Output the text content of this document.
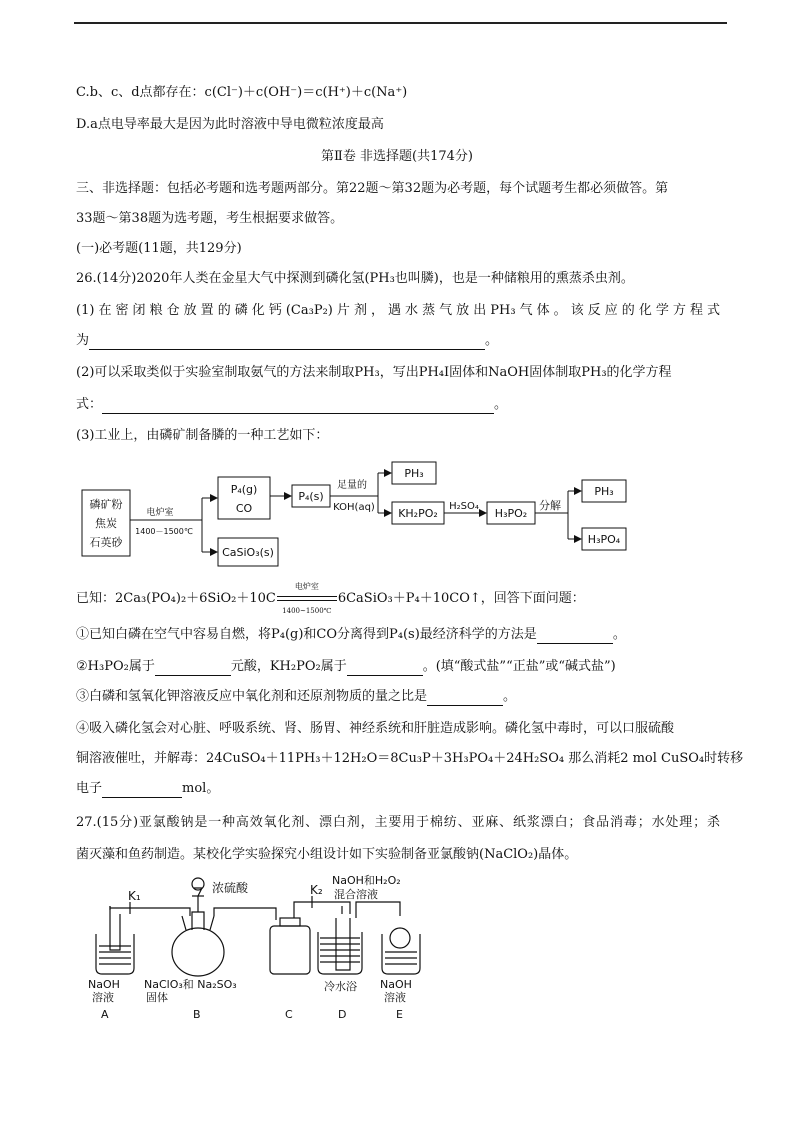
C.b、c、d点都存在：c(Cl⁻)＋c(OH⁻)＝c(H⁺)＋c(Na⁺)
D.a点电导率最大是因为此时溶液中导电微粒浓度最高
第Ⅱ卷 非选择题(共174分)
三、非选择题：包括必考题和选考题两部分。第22题～第32题为必考题，每个试题考生都必须做答。第
33题～第38题为选考题，考生根据要求做答。
(一)必考题(11题，共129分)
26.(14分)2020年人类在金星大气中探测到磷化氢(PH₃也叫膦)，也是一种储粮用的熏蒸杀虫剂。
(1)在密闭粮仓放置的磷化钙(Ca₃P₂)片剂，遇水蒸气放出PH₃气体。该反应的化学方程式
为	。
(2)可以采取类似于实验室制取氨气的方法来制取PH₃，写出PH₄I固体和NaOH固体制取PH₃的化学方程
式：	。
(3)工业上，由磷矿制备膦的一种工艺如下：
磷矿粉
焦炭
石英砂
电炉室
1400－1500℃
P₄(g)
CO
CaSiO₃(s)
P₄(s)
足量的
KOH(aq)
PH₃
KH₂PO₂
H₂SO₄
H₃PO₂
分解
PH₃
H₃PO₄
已知：2Ca₃(PO₄)₂＋6SiO₂＋10C
电炉室
1400~1500℃
6CaSiO₃＋P₄＋10CO↑，回答下面问题：
①已知白磷在空气中容易自燃，将P₄(g)和CO分离得到P₄(s)最经济科学的方法是	。
②H₃PO₂属于	元酸，KH₂PO₂属于	。(填“酸式盐”“正盐”或“碱式盐”)
③白磷和氢氧化钾溶液反应中氧化剂和还原剂物质的量之比是	。
④吸入磷化氢会对心脏、呼吸系统、肾、肠胃、神经系统和肝脏造成影响。磷化氢中毒时，可以口服硫酸
铜溶液催吐，并解毒：24CuSO₄＋11PH₃＋12H₂O＝8Cu₃P＋3H₃PO₄＋24H₂SO₄ 那么消耗2 mol CuSO₄时转移
电子	mol。
27.(15分)亚氯酸钠是一种高效氧化剂、漂白剂，主要用于棉纺、亚麻、纸浆漂白；食品消毒；水处理；杀
菌灭藻和鱼药制造。某校化学实验探究小组设计如下实验制备亚氯酸钠(NaClO₂)晶体。
K₁	K₂
浓硫酸
NaOH和H₂O₂
混合溶液
NaOH
溶液
NaClO₃和 Na₂SO₃
固体
冷水浴 NaOH
溶液
A	B	C	D	E
